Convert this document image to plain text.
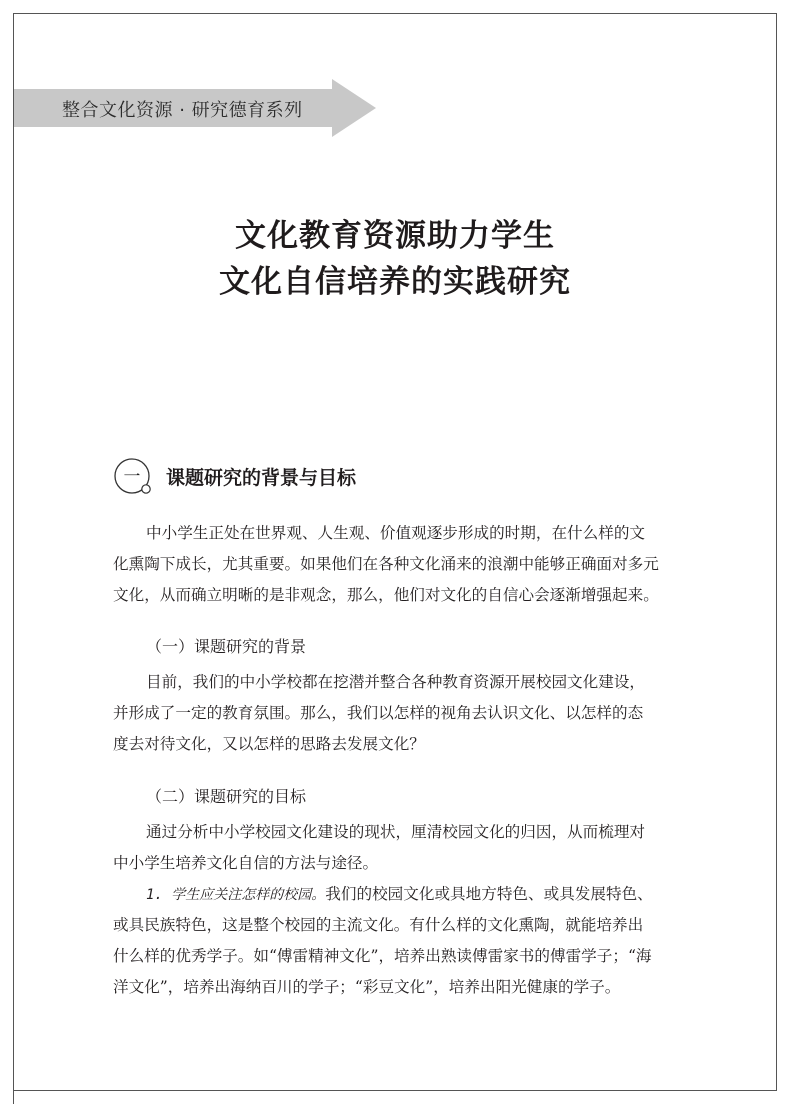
整合文化资源 · 研究德育系列
文化教育资源助力学生
文化自信培养的实践研究
一 课题研究的背景与目标
中小学生正处在世界观、人生观、价值观逐步形成的时期，在什么样的文
化熏陶下成长，尤其重要。如果他们在各种文化涌来的浪潮中能够正确面对多元
文化，从而确立明晰的是非观念，那么，他们对文化的自信心会逐渐增强起来。
（一）课题研究的背景
目前，我们的中小学校都在挖潜并整合各种教育资源开展校园文化建设，
并形成了一定的教育氛围。那么，我们以怎样的视角去认识文化、以怎样的态
度去对待文化，又以怎样的思路去发展文化？
（二）课题研究的目标
通过分析中小学校园文化建设的现状，厘清校园文化的归因，从而梳理对
中小学生培养文化自信的方法与途径。
1. 学生应关注怎样的校园。我们的校园文化或具地方特色、或具发展特色、
或具民族特色，这是整个校园的主流文化。有什么样的文化熏陶，就能培养出
什么样的优秀学子。如“傅雷精神文化”，培养出熟读傅雷家书的傅雷学子；“海
洋文化”，培养出海纳百川的学子；“彩豆文化”，培养出阳光健康的学子。
